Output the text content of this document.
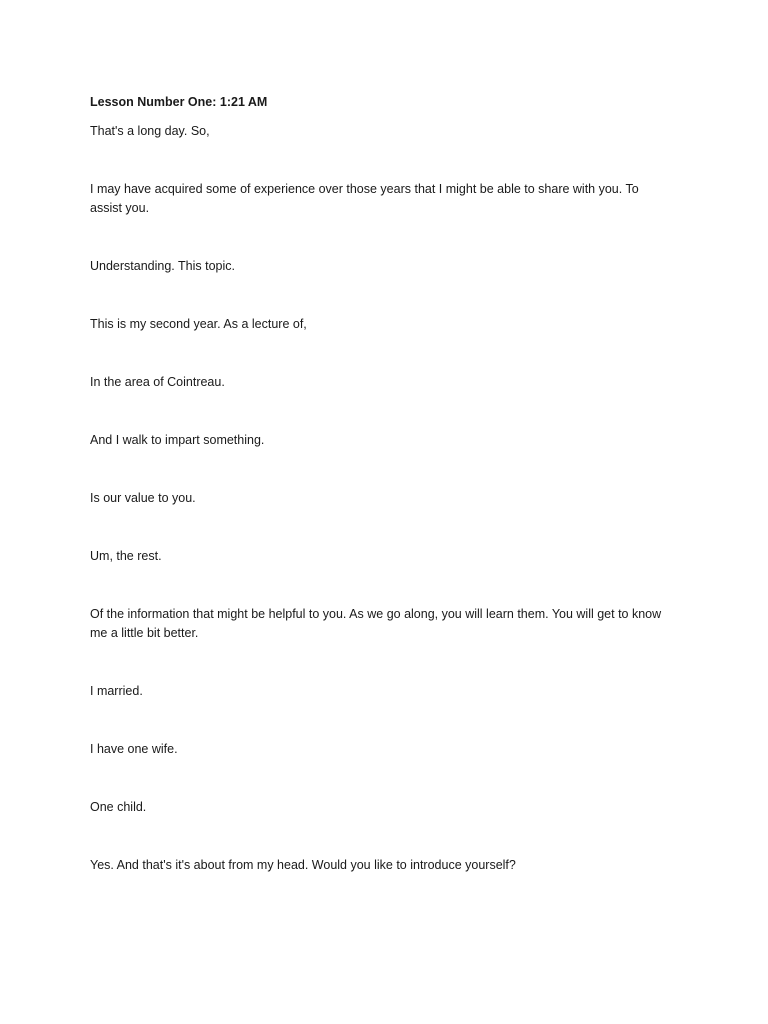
Lesson Number One: 1:21 AM
That's a long day. So,
I may have acquired some of experience over those years that I might be able to share with you. To assist you.
Understanding. This topic.
This is my second year. As a lecture of,
In the area of Cointreau.
And I walk to impart something.
Is our value to you.
Um, the rest.
Of the information that might be helpful to you. As we go along, you will learn them. You will get to know me a little bit better.
I married.
I have one wife.
One child.
Yes. And that's it's about from my head. Would you like to introduce yourself?
